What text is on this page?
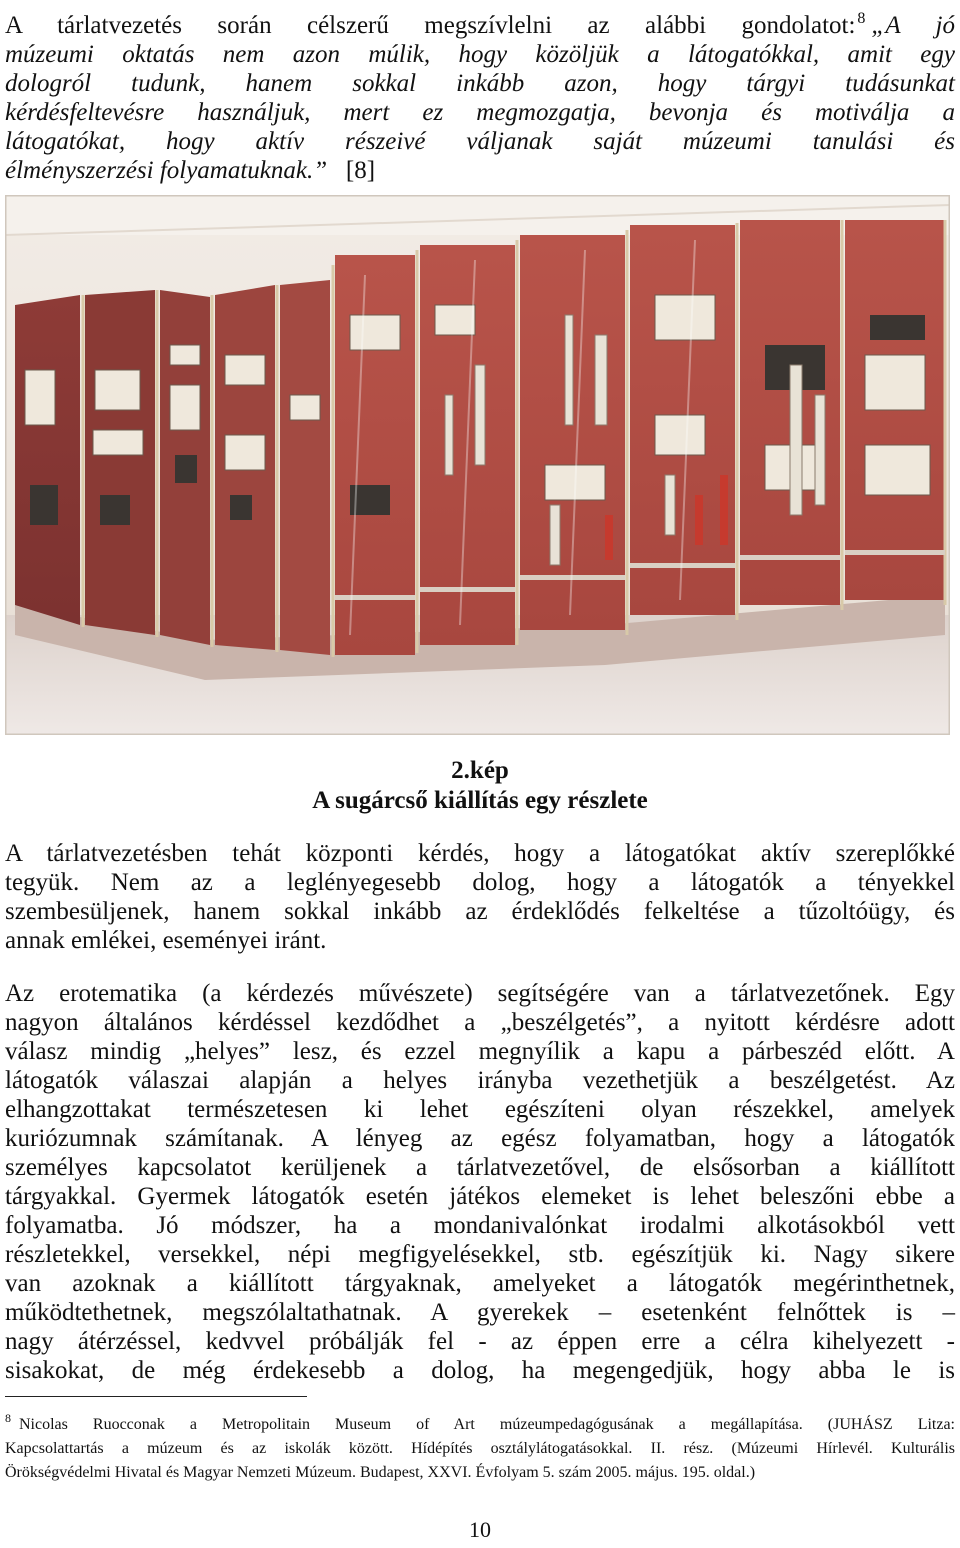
A tárlatvezetés során célszerű megszívlelni az alábbi gondolatot: $^8$ „A jó
múzeumi oktatás nem azon múlik, hogy közöljük a látogatókkal, amit egy
dologról tudunk, hanem sokkal inkább azon, hogy tárgyi tudásunkat
kérdésfeltevésre használjuk, mert ez megmozgatja, bevonja és motiválja a
látogatókat, hogy aktív részeivé váljanak saját múzeumi tanulási és
élményszerzési folyamatuknak.” [8]
2.kép
A sugárcső kiállítás egy részlete
A tárlatvezetésben tehát központi kérdés, hogy a látogatókat aktív szereplőkké
tegyük. Nem az a leglényegesebb dolog, hogy a látogatók a tényekkel
szembesüljenek, hanem sokkal inkább az érdeklődés felkeltése a tűzoltóügy, és
annak emlékei, eseményei iránt.
Az erotematika (a kérdezés művészete) segítségére van a tárlatvezetőnek. Egy
nagyon általános kérdéssel kezdődhet a „beszélgetés”, a nyitott kérdésre adott
válasz mindig „helyes” lesz, és ezzel megnyílik a kapu a párbeszéd előtt. A
látogatók válaszai alapján a helyes irányba vezethetjük a beszélgetést. Az
elhangzottakat természetesen ki lehet egészíteni olyan részekkel, amelyek
kuriózumnak számítanak. A lényeg az egész folyamatban, hogy a látogatók
személyes kapcsolatot kerüljenek a tárlatvezetővel, de elsősorban a kiállított
tárgyakkal. Gyermek látogatók esetén játékos elemeket is lehet beleszőni ebbe a
folyamatba. Jó módszer, ha a mondanivalónkat irodalmi alkotásokból vett
részletekkel, versekkel, népi megfigyelésekkel, stb. egészítjük ki. Nagy sikere
van azoknak a kiállított tárgyaknak, amelyeket a látogatók megérinthetnek,
működtethetnek, megszólaltathatnak. A gyerekek – esetenként felnőttek is –
nagy átérzéssel, kedvvel próbálják fel - az éppen erre a célra kihelyezett -
sisakokat, de még érdekesebb a dolog, ha megengedjük, hogy abba le is
$^8$ Nicolas Ruocconak a Metropolitain Museum of Art múzeumpedagógusának a megállapítása. (JUHÁSZ Litza:
Kapcsolattartás a múzeum és az iskolák között. Hídépítés osztálylátogatásokkal. II. rész. (Múzeumi Hírlevél. Kulturális
Örökségvédelmi Hivatal és Magyar Nemzeti Múzeum. Budapest, XXVI. Évfolyam 5. szám 2005. május. 195. oldal.)
10
